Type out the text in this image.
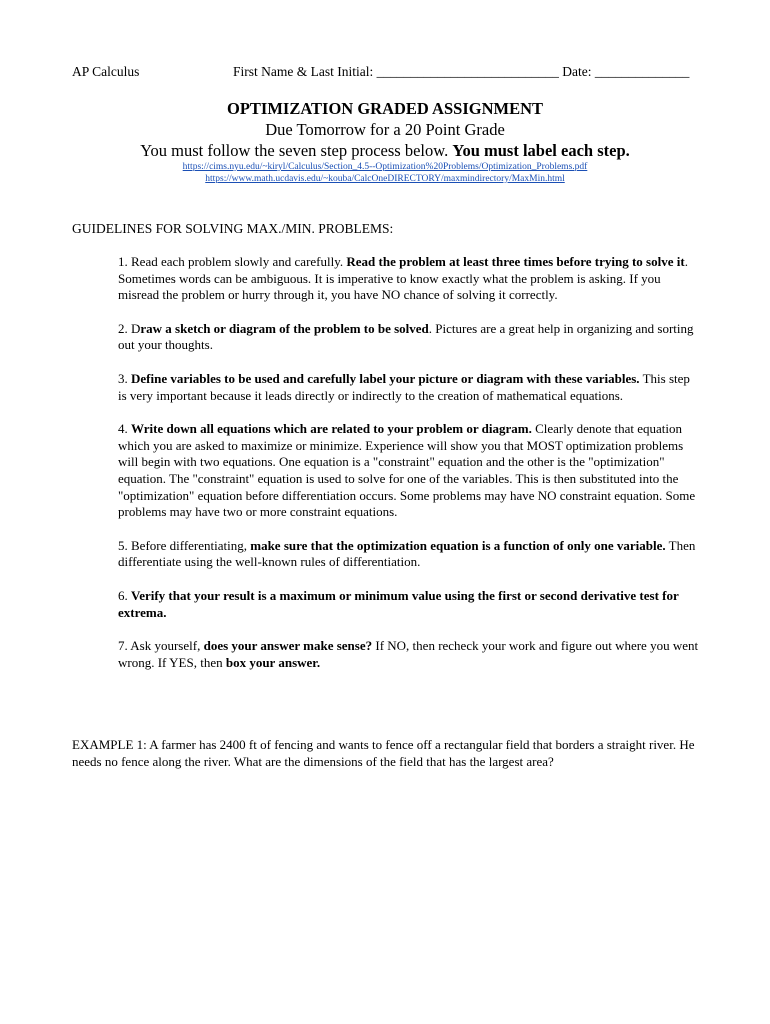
AP Calculus	First Name & Last Initial: ___________________________ Date: ______________

OPTIMIZATION GRADED ASSIGNMENT

Due Tomorrow for a 20 Point Grade

You must follow the seven step process below. You must label each step.

https://cims.nyu.edu/~kiryl/Calculus/Section_4.5--Optimization%20Problems/Optimization_Problems.pdf
https://www.math.ucdavis.edu/~kouba/CalcOneDIRECTORY/maxmindirectory/MaxMin.html
GUIDELINES FOR SOLVING MAX./MIN. PROBLEMS:
1. Read each problem slowly and carefully. Read the problem at least three times before trying to solve it. Sometimes words can be ambiguous. It is imperative to know exactly what the problem is asking. If you misread the problem or hurry through it, you have NO chance of solving it correctly.
2. Draw a sketch or diagram of the problem to be solved. Pictures are a great help in organizing and sorting out your thoughts.
3. Define variables to be used and carefully label your picture or diagram with these variables. This step is very important because it leads directly or indirectly to the creation of mathematical equations.
4. Write down all equations which are related to your problem or diagram. Clearly denote that equation which you are asked to maximize or minimize. Experience will show you that MOST optimization problems will begin with two equations. One equation is a "constraint" equation and the other is the "optimization" equation. The "constraint" equation is used to solve for one of the variables. This is then substituted into the "optimization" equation before differentiation occurs. Some problems may have NO constraint equation. Some problems may have two or more constraint equations.
5. Before differentiating, make sure that the optimization equation is a function of only one variable. Then differentiate using the well-known rules of differentiation.
6. Verify that your result is a maximum or minimum value using the first or second derivative test for extrema.
7. Ask yourself, does your answer make sense? If NO, then recheck your work and figure out where you went wrong. If YES, then box your answer.
EXAMPLE 1: A farmer has 2400 ft of fencing and wants to fence off a rectangular field that borders a straight river. He needs no fence along the river. What are the dimensions of the field that has the largest area?
